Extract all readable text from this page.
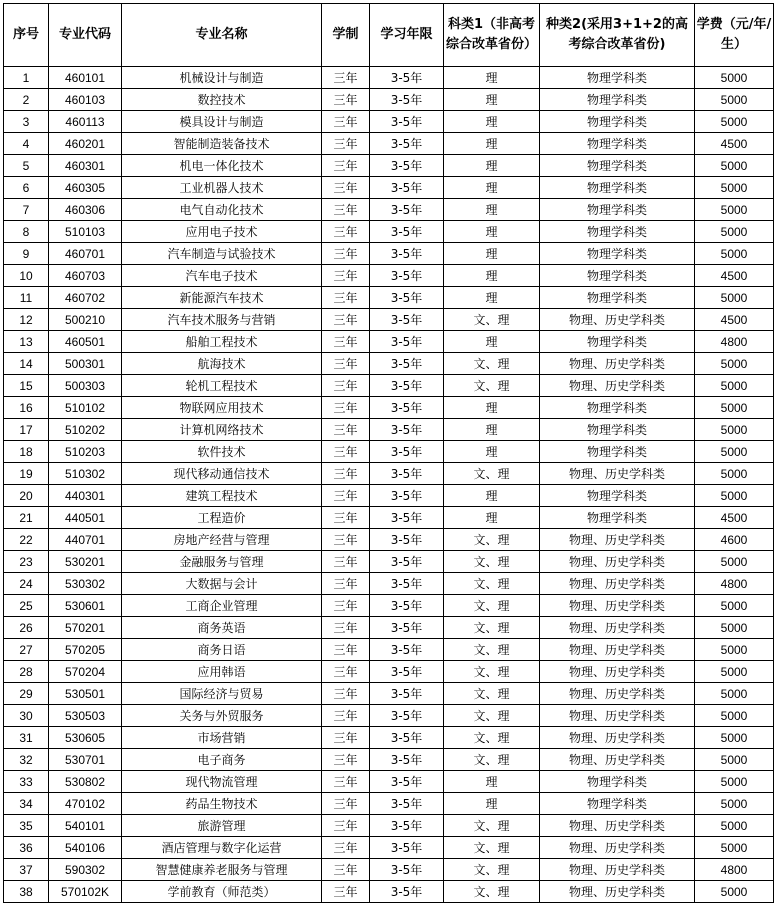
序号	专业代码	专业名称	学制	学习年限	科类1（非高考综合改革省份）	种类2(采用3+1+2的高考综合改革省份)	学费（元/年/生）
1	460101	机械设计与制造	三年	3-5年	理	物理学科类	5000
2	460103	数控技术	三年	3-5年	理	物理学科类	5000
3	460113	模具设计与制造	三年	3-5年	理	物理学科类	5000
4	460201	智能制造装备技术	三年	3-5年	理	物理学科类	4500
5	460301	机电一体化技术	三年	3-5年	理	物理学科类	5000
6	460305	工业机器人技术	三年	3-5年	理	物理学科类	5000
7	460306	电气自动化技术	三年	3-5年	理	物理学科类	5000
8	510103	应用电子技术	三年	3-5年	理	物理学科类	5000
9	460701	汽车制造与试验技术	三年	3-5年	理	物理学科类	5000
10	460703	汽车电子技术	三年	3-5年	理	物理学科类	4500
11	460702	新能源汽车技术	三年	3-5年	理	物理学科类	5000
12	500210	汽车技术服务与营销	三年	3-5年	文、理	物理、历史学科类	4500
13	460501	船舶工程技术	三年	3-5年	理	物理学科类	4800
14	500301	航海技术	三年	3-5年	文、理	物理、历史学科类	5000
15	500303	轮机工程技术	三年	3-5年	文、理	物理、历史学科类	5000
16	510102	物联网应用技术	三年	3-5年	理	物理学科类	5000
17	510202	计算机网络技术	三年	3-5年	理	物理学科类	5000
18	510203	软件技术	三年	3-5年	理	物理学科类	5000
19	510302	现代移动通信技术	三年	3-5年	文、理	物理、历史学科类	5000
20	440301	建筑工程技术	三年	3-5年	理	物理学科类	5000
21	440501	工程造价	三年	3-5年	理	物理学科类	4500
22	440701	房地产经营与管理	三年	3-5年	文、理	物理、历史学科类	4600
23	530201	金融服务与管理	三年	3-5年	文、理	物理、历史学科类	5000
24	530302	大数据与会计	三年	3-5年	文、理	物理、历史学科类	4800
25	530601	工商企业管理	三年	3-5年	文、理	物理、历史学科类	5000
26	570201	商务英语	三年	3-5年	文、理	物理、历史学科类	5000
27	570205	商务日语	三年	3-5年	文、理	物理、历史学科类	5000
28	570204	应用韩语	三年	3-5年	文、理	物理、历史学科类	5000
29	530501	国际经济与贸易	三年	3-5年	文、理	物理、历史学科类	5000
30	530503	关务与外贸服务	三年	3-5年	文、理	物理、历史学科类	5000
31	530605	市场营销	三年	3-5年	文、理	物理、历史学科类	5000
32	530701	电子商务	三年	3-5年	文、理	物理、历史学科类	5000
33	530802	现代物流管理	三年	3-5年	理	物理学科类	5000
34	470102	药品生物技术	三年	3-5年	理	物理学科类	5000
35	540101	旅游管理	三年	3-5年	文、理	物理、历史学科类	5000
36	540106	酒店管理与数字化运营	三年	3-5年	文、理	物理、历史学科类	5000
37	590302	智慧健康养老服务与管理	三年	3-5年	文、理	物理、历史学科类	4800
38	570102K	学前教育（师范类）	三年	3-5年	文、理	物理、历史学科类	5000
